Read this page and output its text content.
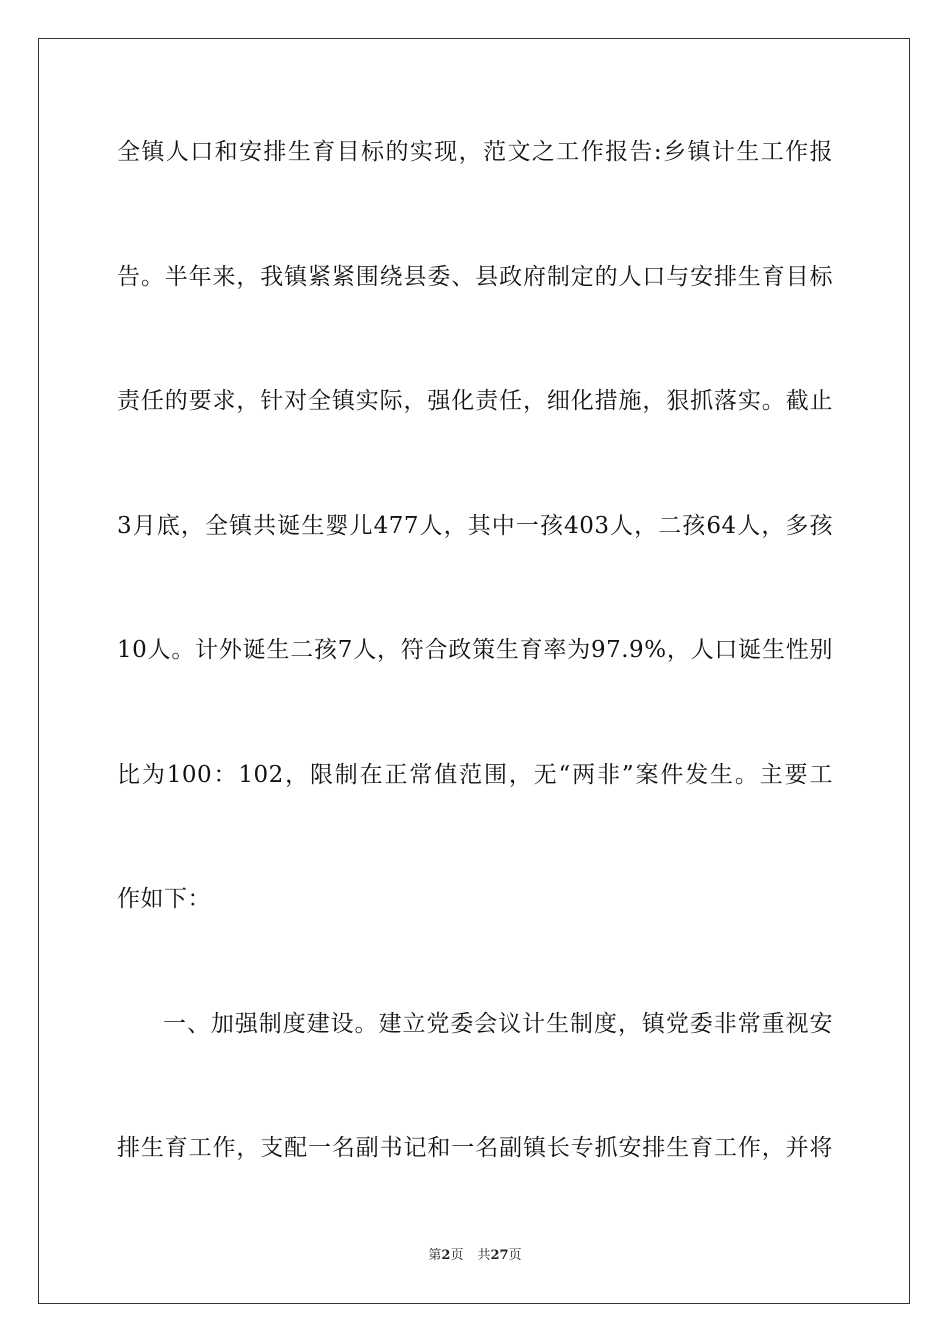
全镇人口和安排生育目标的实现，范文之工作报告:乡镇计生工作报
告。半年来，我镇紧紧围绕县委、县政府制定的人口与安排生育目标
责任的要求，针对全镇实际，强化责任，细化措施，狠抓落实。截止
3月底，全镇共诞生婴儿477人，其中一孩403人，二孩64人，多孩
10人。计外诞生二孩7人，符合政策生育率为97.9%，人口诞生性别
比为100：102，限制在正常值范围，无“两非”案件发生。主要工
作如下：
一、加强制度建设。建立党委会议计生制度，镇党委非常重视安
排生育工作，支配一名副书记和一名副镇长专抓安排生育工作，并将
第2页 共27页
